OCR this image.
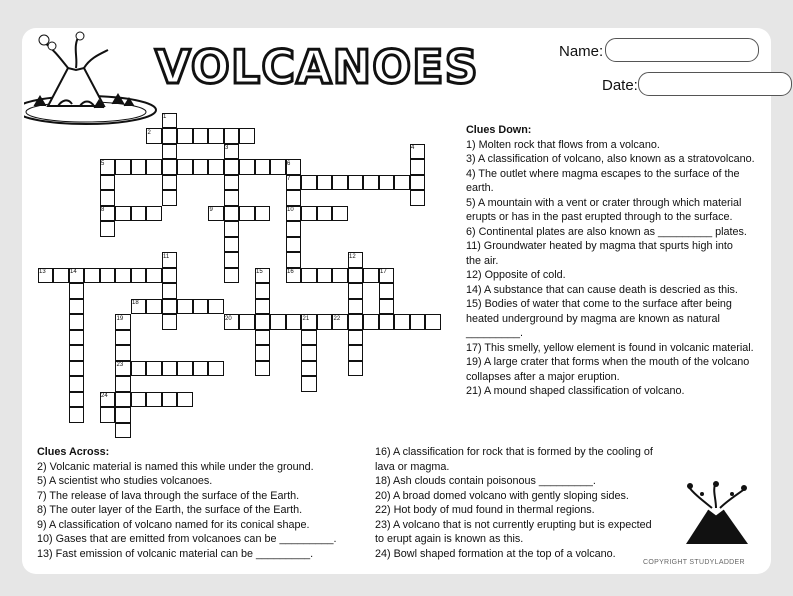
VOLCANOES	Name:
Date:
1
2
3	4
5	6
7
8	9	10
11	12
13	14	15	16	17
18
19	20	21	22
23
24
Clues Down:
1) Molten rock that flows from a volcano.
3) A classification of volcano, also known as a stratovolcano.
4) The outlet where magma escapes to the surface of the
earth.
5) A mountain with a vent or crater through which material
erupts or has in the past erupted through to the surface.
6) Continental plates are also known as _________ plates.
11) Groundwater heated by magma that spurts high into
the air.
12) Opposite of cold.
14) A substance that can cause death is descried as this.
15) Bodies of water that come to the surface after being
heated underground by magma are known as natural
_________.
17) This smelly, yellow element is found in volcanic material.
19) A large crater that forms when the mouth of the volcano
collapses after a major eruption.
21) A mound shaped classification of volcano.
Clues Across:
2) Volcanic material is named this while under the ground.
5) A scientist who studies volcanoes.
7) The release of lava through the surface of the Earth.
8) The outer layer of the Earth, the surface of the Earth.
9) A classification of volcano named for its conical shape.
10) Gases that are emitted from volcanoes can be _________.
13) Fast emission of volcanic material can be _________.
16) A classification for rock that is formed by the cooling of
lava or magma.
18) Ash clouds contain poisonous _________.
20) A broad domed volcano with gently sloping sides.
22) Hot body of mud found in thermal regions.
23) A volcano that is not currently erupting but is expected
to erupt again is known as this.
24) Bowl shaped formation at the top of a volcano.
COPYRIGHT STUDYLADDER
